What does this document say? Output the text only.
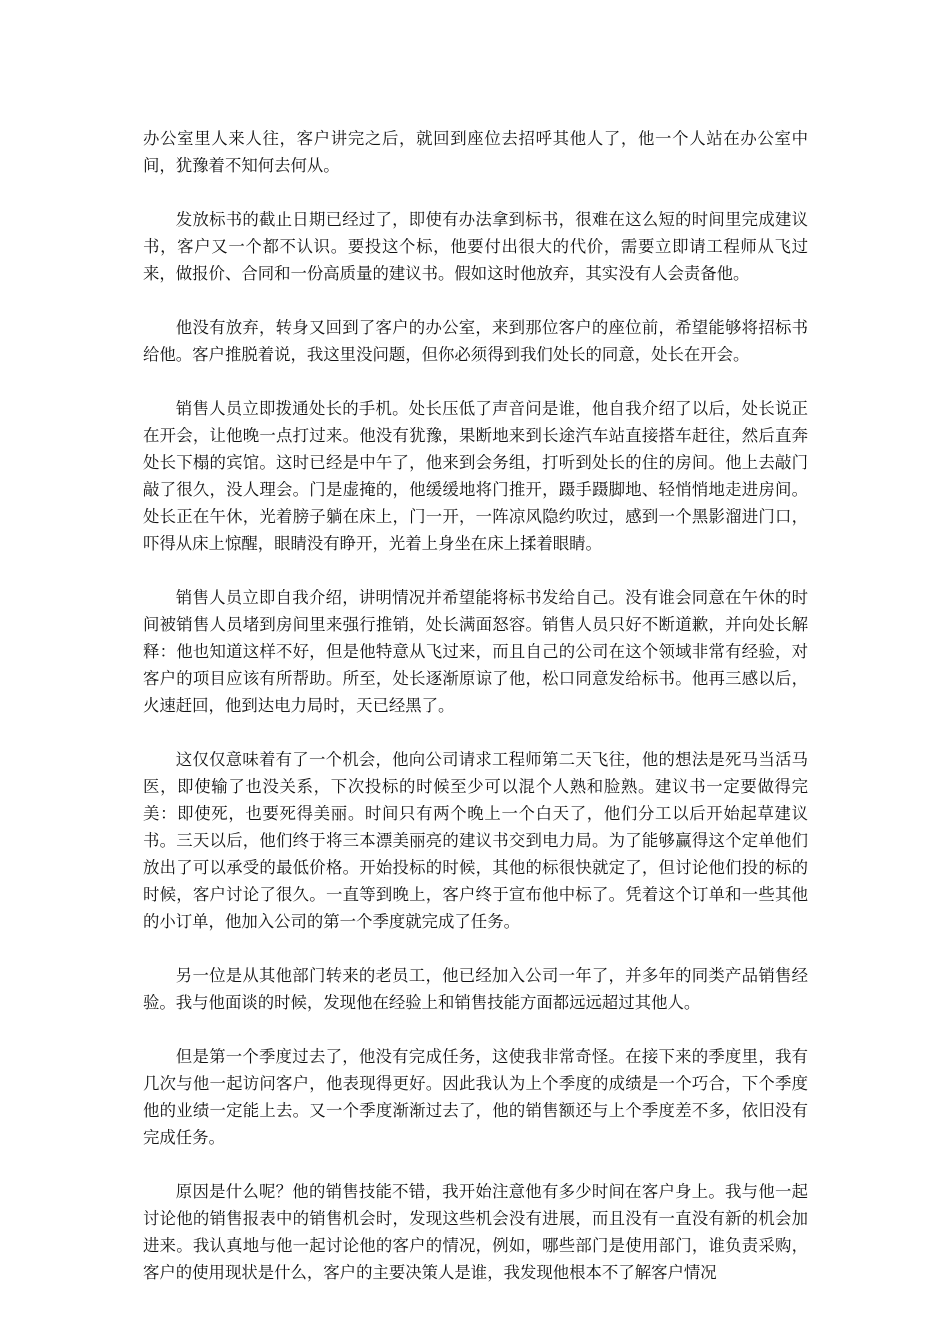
办公室里人来人往，客户讲完之后，就回到座位去招呼其他人了，他一个人站在办公室中间，犹豫着不知何去何从。

发放标书的截止日期已经过了，即使有办法拿到标书，很难在这么短的时间里完成建议书，客户又一个都不认识。要投这个标，他要付出很大的代价，需要立即请工程师从飞过来，做报价、合同和一份高质量的建议书。假如这时他放弃，其实没有人会责备他。

他没有放弃，转身又回到了客户的办公室，来到那位客户的座位前，希望能够将招标书给他。客户推脱着说，我这里没问题，但你必须得到我们处长的同意，处长在开会。

销售人员立即拨通处长的手机。处长压低了声音问是谁，他自我介绍了以后，处长说正在开会，让他晚一点打过来。他没有犹豫，果断地来到长途汽车站直接搭车赶往，然后直奔处长下榻的宾馆。这时已经是中午了，他来到会务组，打听到处长的住的房间。他上去敲门敲了很久，没人理会。门是虚掩的，他缓缓地将门推开，蹑手蹑脚地、轻悄悄地走进房间。处长正在午休，光着膀子躺在床上，门一开，一阵凉风隐约吹过，感到一个黑影溜进门口，吓得从床上惊醒，眼睛没有睁开，光着上身坐在床上揉着眼睛。

销售人员立即自我介绍，讲明情况并希望能将标书发给自己。没有谁会同意在午休的时间被销售人员堵到房间里来强行推销，处长满面怒容。销售人员只好不断道歉，并向处长解释：他也知道这样不好，但是他特意从飞过来，而且自己的公司在这个领域非常有经验，对客户的项目应该有所帮助。所至，处长逐渐原谅了他，松口同意发给标书。他再三感以后，火速赶回，他到达电力局时，天已经黑了。

这仅仅意味着有了一个机会，他向公司请求工程师第二天飞往，他的想法是死马当活马医，即使输了也没关系，下次投标的时候至少可以混个人熟和脸熟。建议书一定要做得完美：即使死，也要死得美丽。时间只有两个晚上一个白天了，他们分工以后开始起草建议书。三天以后，他们终于将三本漂美丽亮的建议书交到电力局。为了能够赢得这个定单他们放出了可以承受的最低价格。开始投标的时候，其他的标很快就定了，但讨论他们投的标的时候，客户讨论了很久。一直等到晚上，客户终于宣布他中标了。凭着这个订单和一些其他的小订单，他加入公司的第一个季度就完成了任务。

另一位是从其他部门转来的老员工，他已经加入公司一年了，并多年的同类产品销售经验。我与他面谈的时候，发现他在经验上和销售技能方面都远远超过其他人。

但是第一个季度过去了，他没有完成任务，这使我非常奇怪。在接下来的季度里，我有几次与他一起访问客户，他表现得更好。因此我认为上个季度的成绩是一个巧合，下个季度他的业绩一定能上去。又一个季度渐渐过去了，他的销售额还与上个季度差不多，依旧没有完成任务。

原因是什么呢？他的销售技能不错，我开始注意他有多少时间在客户身上。我与他一起讨论他的销售报表中的销售机会时，发现这些机会没有进展，而且没有一直没有新的机会加进来。我认真地与他一起讨论他的客户的情况，例如，哪些部门是使用部门，谁负责采购，客户的使用现状是什么，客户的主要决策人是谁，我发现他根本不了解客户情况
